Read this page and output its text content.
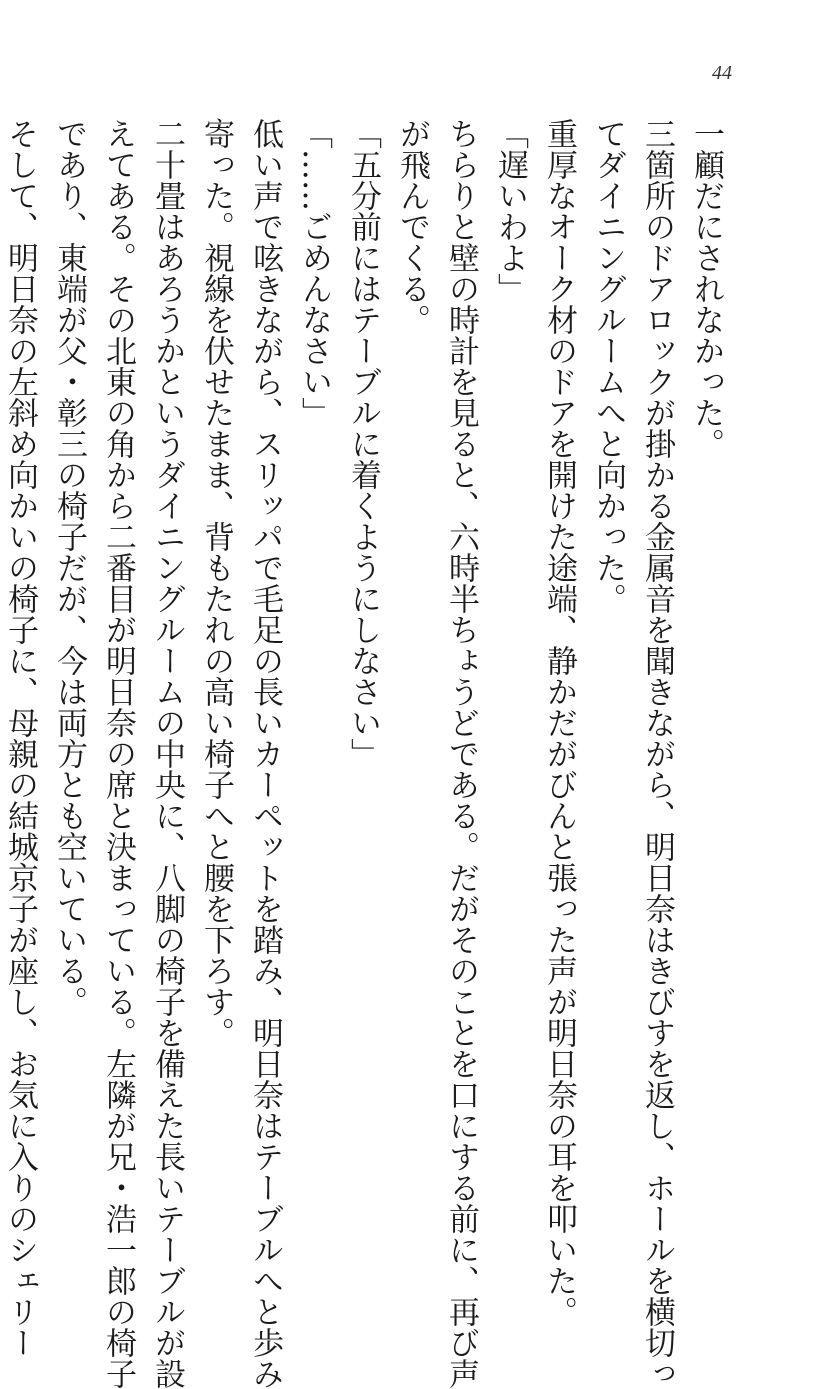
44

一顧だにされなかった。

三箇所のドアロックが掛かる金属音を聞きながら、明日奈はきびすを返し、ホールを横切っ

てダイニングルームへと向かった。

重厚なオーク材のドアを開けた途端、静かだがびんと張った声が明日奈の耳を叩いた。

「遅いわよ」

ちらりと壁の時計を見ると、六時半ちょうどである。だがそのことを口にする前に、再び声

が飛んでくる。

「五分前にはテーブルに着くようにしなさい」

「……ごめんなさい」

低い声で呟きながら、スリッパで毛足の長いカーペットを踏み、明日奈はテーブルへと歩み

寄った。視線を伏せたまま、背もたれの高い椅子へと腰を下ろす。

二十畳はあろうかというダイニングルームの中央に、八脚の椅子を備えた長いテーブルが設

えてある。その北東の角から二番目が明日奈の席と決まっている。左隣が兄・浩一郎の椅子

であり、東端が父・彰三の椅子だが、今は両方とも空いている。

そして、明日奈の左斜め向かいの椅子に、母親の結城京子が座し、お気に入りのシェリー
